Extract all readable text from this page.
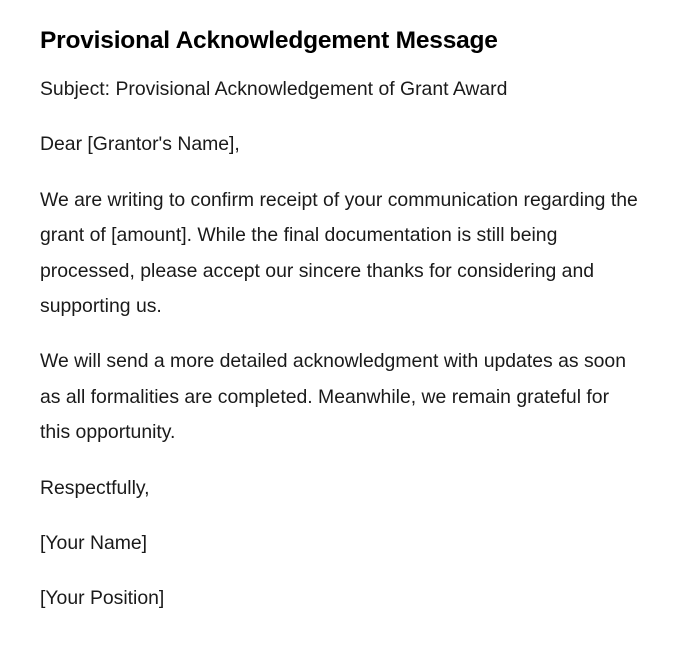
Provisional Acknowledgement Message

Subject: Provisional Acknowledgement of Grant Award

Dear [Grantor's Name],

We are writing to confirm receipt of your communication regarding the grant of [amount]. While the final documentation is still being processed, please accept our sincere thanks for considering and supporting us.

We will send a more detailed acknowledgment with updates as soon as all formalities are completed. Meanwhile, we remain grateful for this opportunity.

Respectfully,

[Your Name]

[Your Position]
